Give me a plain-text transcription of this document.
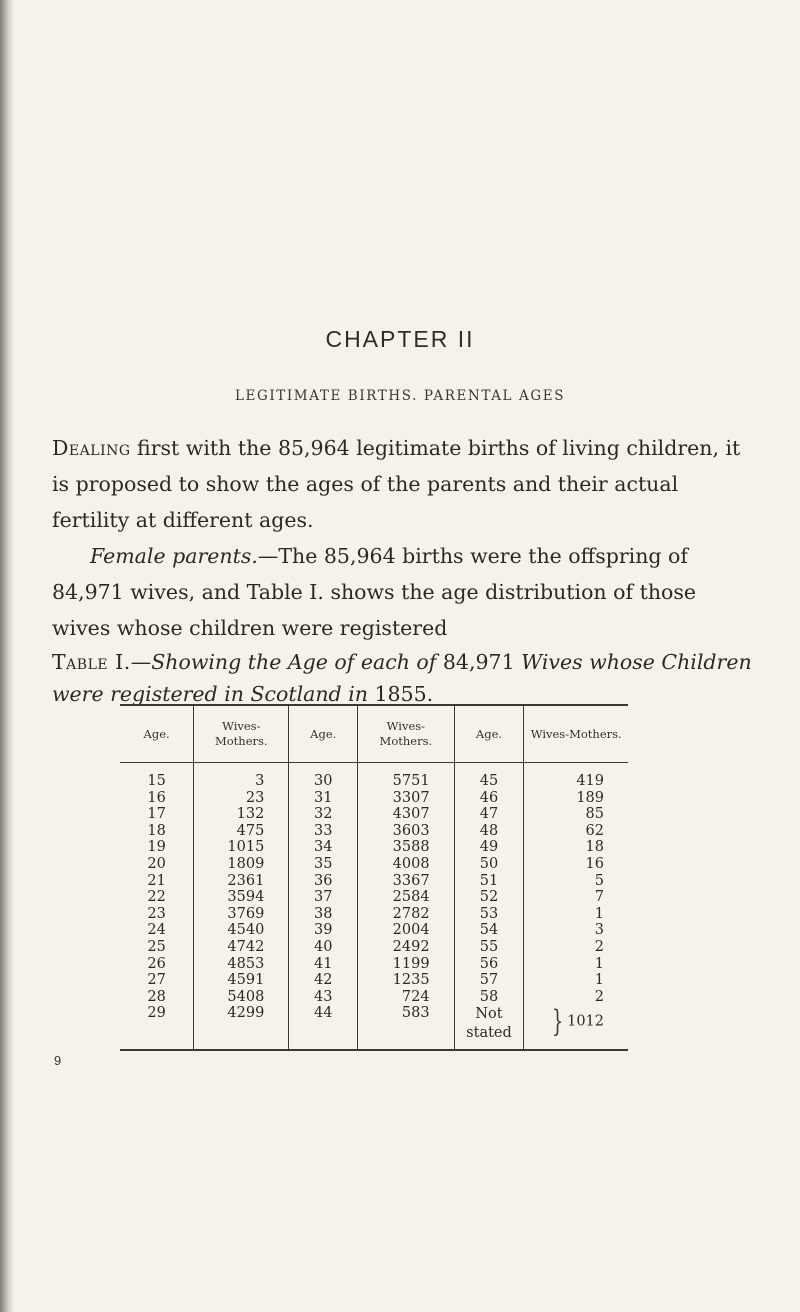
CHAPTER II
LEGITIMATE BIRTHS. PARENTAL AGES
Dealing first with the 85,964 legitimate births of living children, it is proposed to show the ages of the parents and their actual fertility at different ages.
Female parents.—The 85,964 births were the offspring of 84,971 wives, and Table I. shows the age distribution of those wives whose children were registered
Table I.—Showing the Age of each of 84,971 Wives whose Children were registered in Scotland in 1855.
Age.	Wives-Mothers.	Age.	Wives-Mothers.	Age.	Wives-Mothers.
15	3	30	5751	45	419
16	23	31	3307	46	189
17	132	32	4307	47	85
18	475	33	3603	48	62
19	1015	34	3588	49	18
20	1809	35	4008	50	16
21	2361	36	3367	51	5
22	3594	37	2584	52	7
23	3769	38	2782	53	1
24	4540	39	2004	54	3
25	4742	40	2492	55	2
26	4853	41	1199	56	1
27	4591	42	1235	57	1
28	5408	43	724	58	2
29	4299	44	583	Not stated	} 1012
9
